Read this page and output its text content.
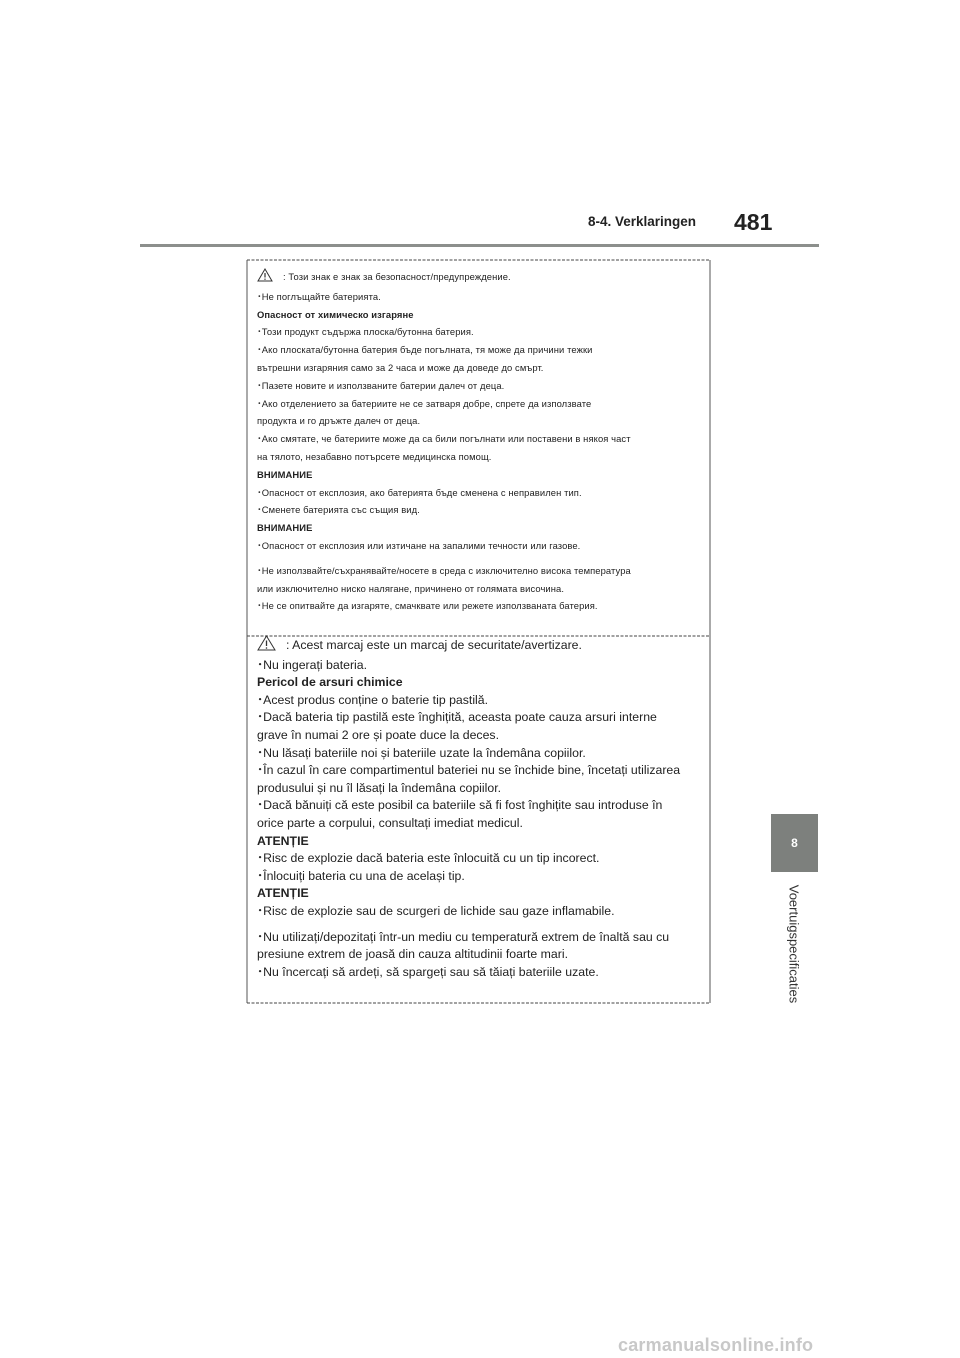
8-4. Verklaringen 481
8
Voertuigspecificaties
: Този знак е знак за безопасност/предупреждение.
･Не поглъщайте батерията.
Опасност от химическо изгаряне
･Този продукт съдържа плоска/бутонна батерия.
･Ако плоската/бутонна батерия бъде погълната, тя може да причини тежки
вътрешни изгаряния само за 2 часа и може да доведе до смърт.
･Пазете новите и използваните батерии далеч от деца.
･Ако отделението за батериите не се затваря добре, спрете да използвате
продукта и го дръжте далеч от деца.
･Ако смятате, че батериите може да са били погълнати или поставени в някоя част
на тялото, незабавно потърсете медицинска помощ.
ВНИМАНИЕ
･Опасност от експлозия, ако батерията бъде сменена с неправилен тип.
･Сменете батерията със същия вид.
ВНИМАНИЕ
･Опасност от експлозия или изтичане на запалими течности или газове.
･Не използвайте/съхранявайте/носете в среда с изключително висока температура
или изключително ниско налягане, причинено от голямата височина.
･Не се опитвайте да изгаряте, смачквате или режете използваната батерия.
: Acest marcaj este un marcaj de securitate/avertizare.
･Nu ingerați bateria.
Pericol de arsuri chimice
･Acest produs conține o baterie tip pastilă.
･Dacă bateria tip pastilă este înghițită, aceasta poate cauza arsuri interne
grave în numai 2 ore și poate duce la deces.
･Nu lăsați bateriile noi și bateriile uzate la îndemâna copiilor.
･În cazul în care compartimentul bateriei nu se închide bine, încetați utilizarea
produsului și nu îl lăsați la îndemâna copiilor.
･Dacă bănuiți că este posibil ca bateriile să fi fost înghițite sau introduse în
orice parte a corpului, consultați imediat medicul.
ATENȚIE
･Risc de explozie dacă bateria este înlocuită cu un tip incorect.
･Înlocuiți bateria cu una de același tip.
ATENȚIE
･Risc de explozie sau de scurgeri de lichide sau gaze inflamabile.
･Nu utilizați/depozitați într-un mediu cu temperatură extrem de înaltă sau cu
presiune extrem de joasă din cauza altitudinii foarte mari.
･Nu încercați să ardeți, să spargeți sau să tăiați bateriile uzate.
carmanualsonline.info
